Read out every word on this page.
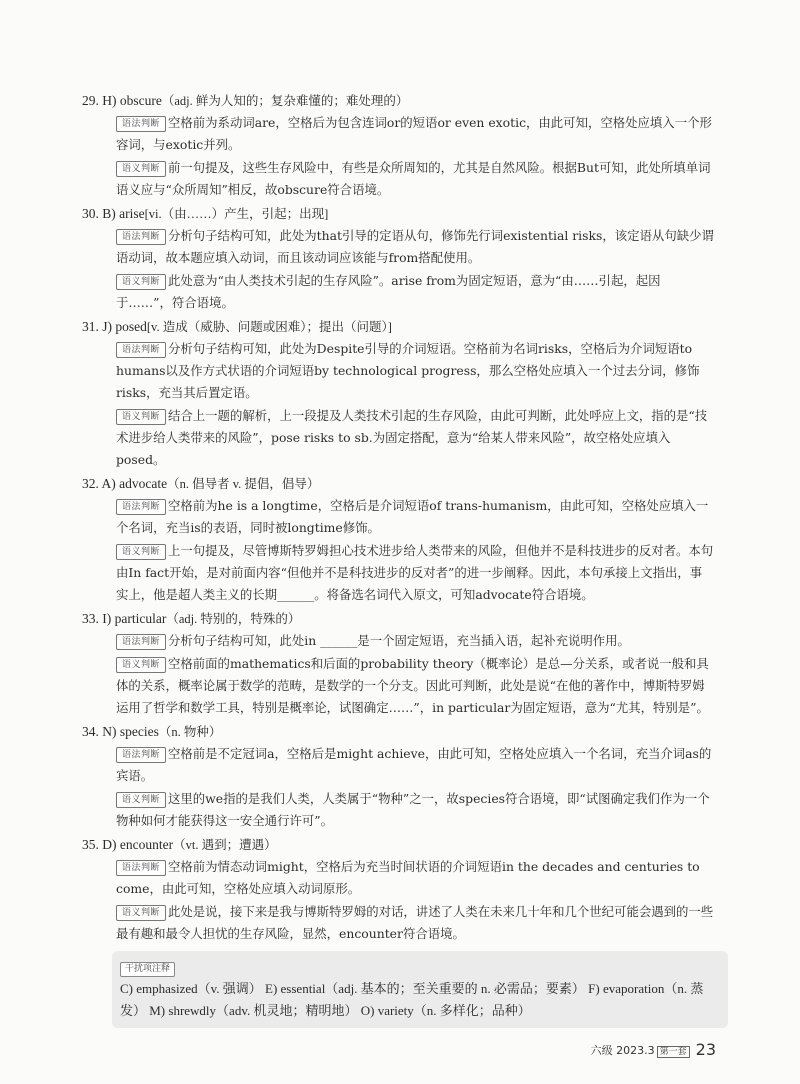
29. H) obscure（adj. 鲜为人知的；复杂难懂的；难处理的）
语法判断 空格前为系动词are，空格后为包含连词or的短语or even exotic，由此可知，空格处应填入一个形容词，与exotic并列。
语义判断 前一句提及，这些生存风险中，有些是众所周知的，尤其是自然风险。根据But可知，此处所填单词语义应与“众所周知”相反，故obscure符合语境。
30. B) arise[vi.（由……）产生，引起；出现]
语法判断 分析句子结构可知，此处为that引导的定语从句，修饰先行词existential risks，该定语从句缺少谓语动词，故本题应填入动词，而且该动词应该能与from搭配使用。
语义判断 此处意为“由人类技术引起的生存风险”。arise from为固定短语，意为“由……引起，起因于……”，符合语境。
31. J) posed[v. 造成（威胁、问题或困难）；提出（问题）]
语法判断 分析句子结构可知，此处为Despite引导的介词短语。空格前为名词risks，空格后为介词短语to humans以及作方式状语的介词短语by technological progress，那么空格处应填入一个过去分词，修饰risks，充当其后置定语。
语义判断 结合上一题的解析，上一段提及人类技术引起的生存风险，由此可判断，此处呼应上文，指的是“技术进步给人类带来的风险”，pose risks to sb.为固定搭配，意为“给某人带来风险”，故空格处应填入posed。
32. A) advocate（n. 倡导者 v. 提倡，倡导）
语法判断 空格前为he is a longtime，空格后是介词短语of trans-humanism，由此可知，空格处应填入一个名词，充当is的表语，同时被longtime修饰。
语义判断 上一句提及，尽管博斯特罗姆担心技术进步给人类带来的风险，但他并不是科技进步的反对者。本句由In fact开始，是对前面内容“但他并不是科技进步的反对者”的进一步阐释。因此，本句承接上文指出，事实上，他是超人类主义的长期______。将备选名词代入原文，可知advocate符合语境。
33. I) particular（adj. 特别的，特殊的）
语法判断 分析句子结构可知，此处in ______是一个固定短语，充当插入语，起补充说明作用。
语义判断 空格前面的mathematics和后面的probability theory（概率论）是总—分关系，或者说一般和具体的关系，概率论属于数学的范畴，是数学的一个分支。因此可判断，此处是说“在他的著作中，博斯特罗姆运用了哲学和数学工具，特别是概率论，试图确定……”，in particular为固定短语，意为“尤其，特别是”。
34. N) species（n. 物种）
语法判断 空格前是不定冠词a，空格后是might achieve，由此可知，空格处应填入一个名词，充当介词as的宾语。
语义判断 这里的we指的是我们人类，人类属于“物种”之一，故species符合语境，即“试图确定我们作为一个物种如何才能获得这一安全通行许可”。
35. D) encounter（vt. 遇到；遭遇）
语法判断 空格前为情态动词might，空格后为充当时间状语的介词短语in the decades and centuries to come，由此可知，空格处应填入动词原形。
语义判断 此处是说，接下来是我与博斯特罗姆的对话，讲述了人类在未来几十年和几个世纪可能会遇到的一些最有趣和最令人担忧的生存风险，显然，encounter符合语境。
干扰项注释
C) emphasized（v. 强调） E) essential（adj. 基本的；至关重要的 n. 必需品；要素） F) evaporation（n. 蒸发） M) shrewdly（adv. 机灵地；精明地） O) variety（n. 多样化；品种）
六级 2023.3 第一套 23
